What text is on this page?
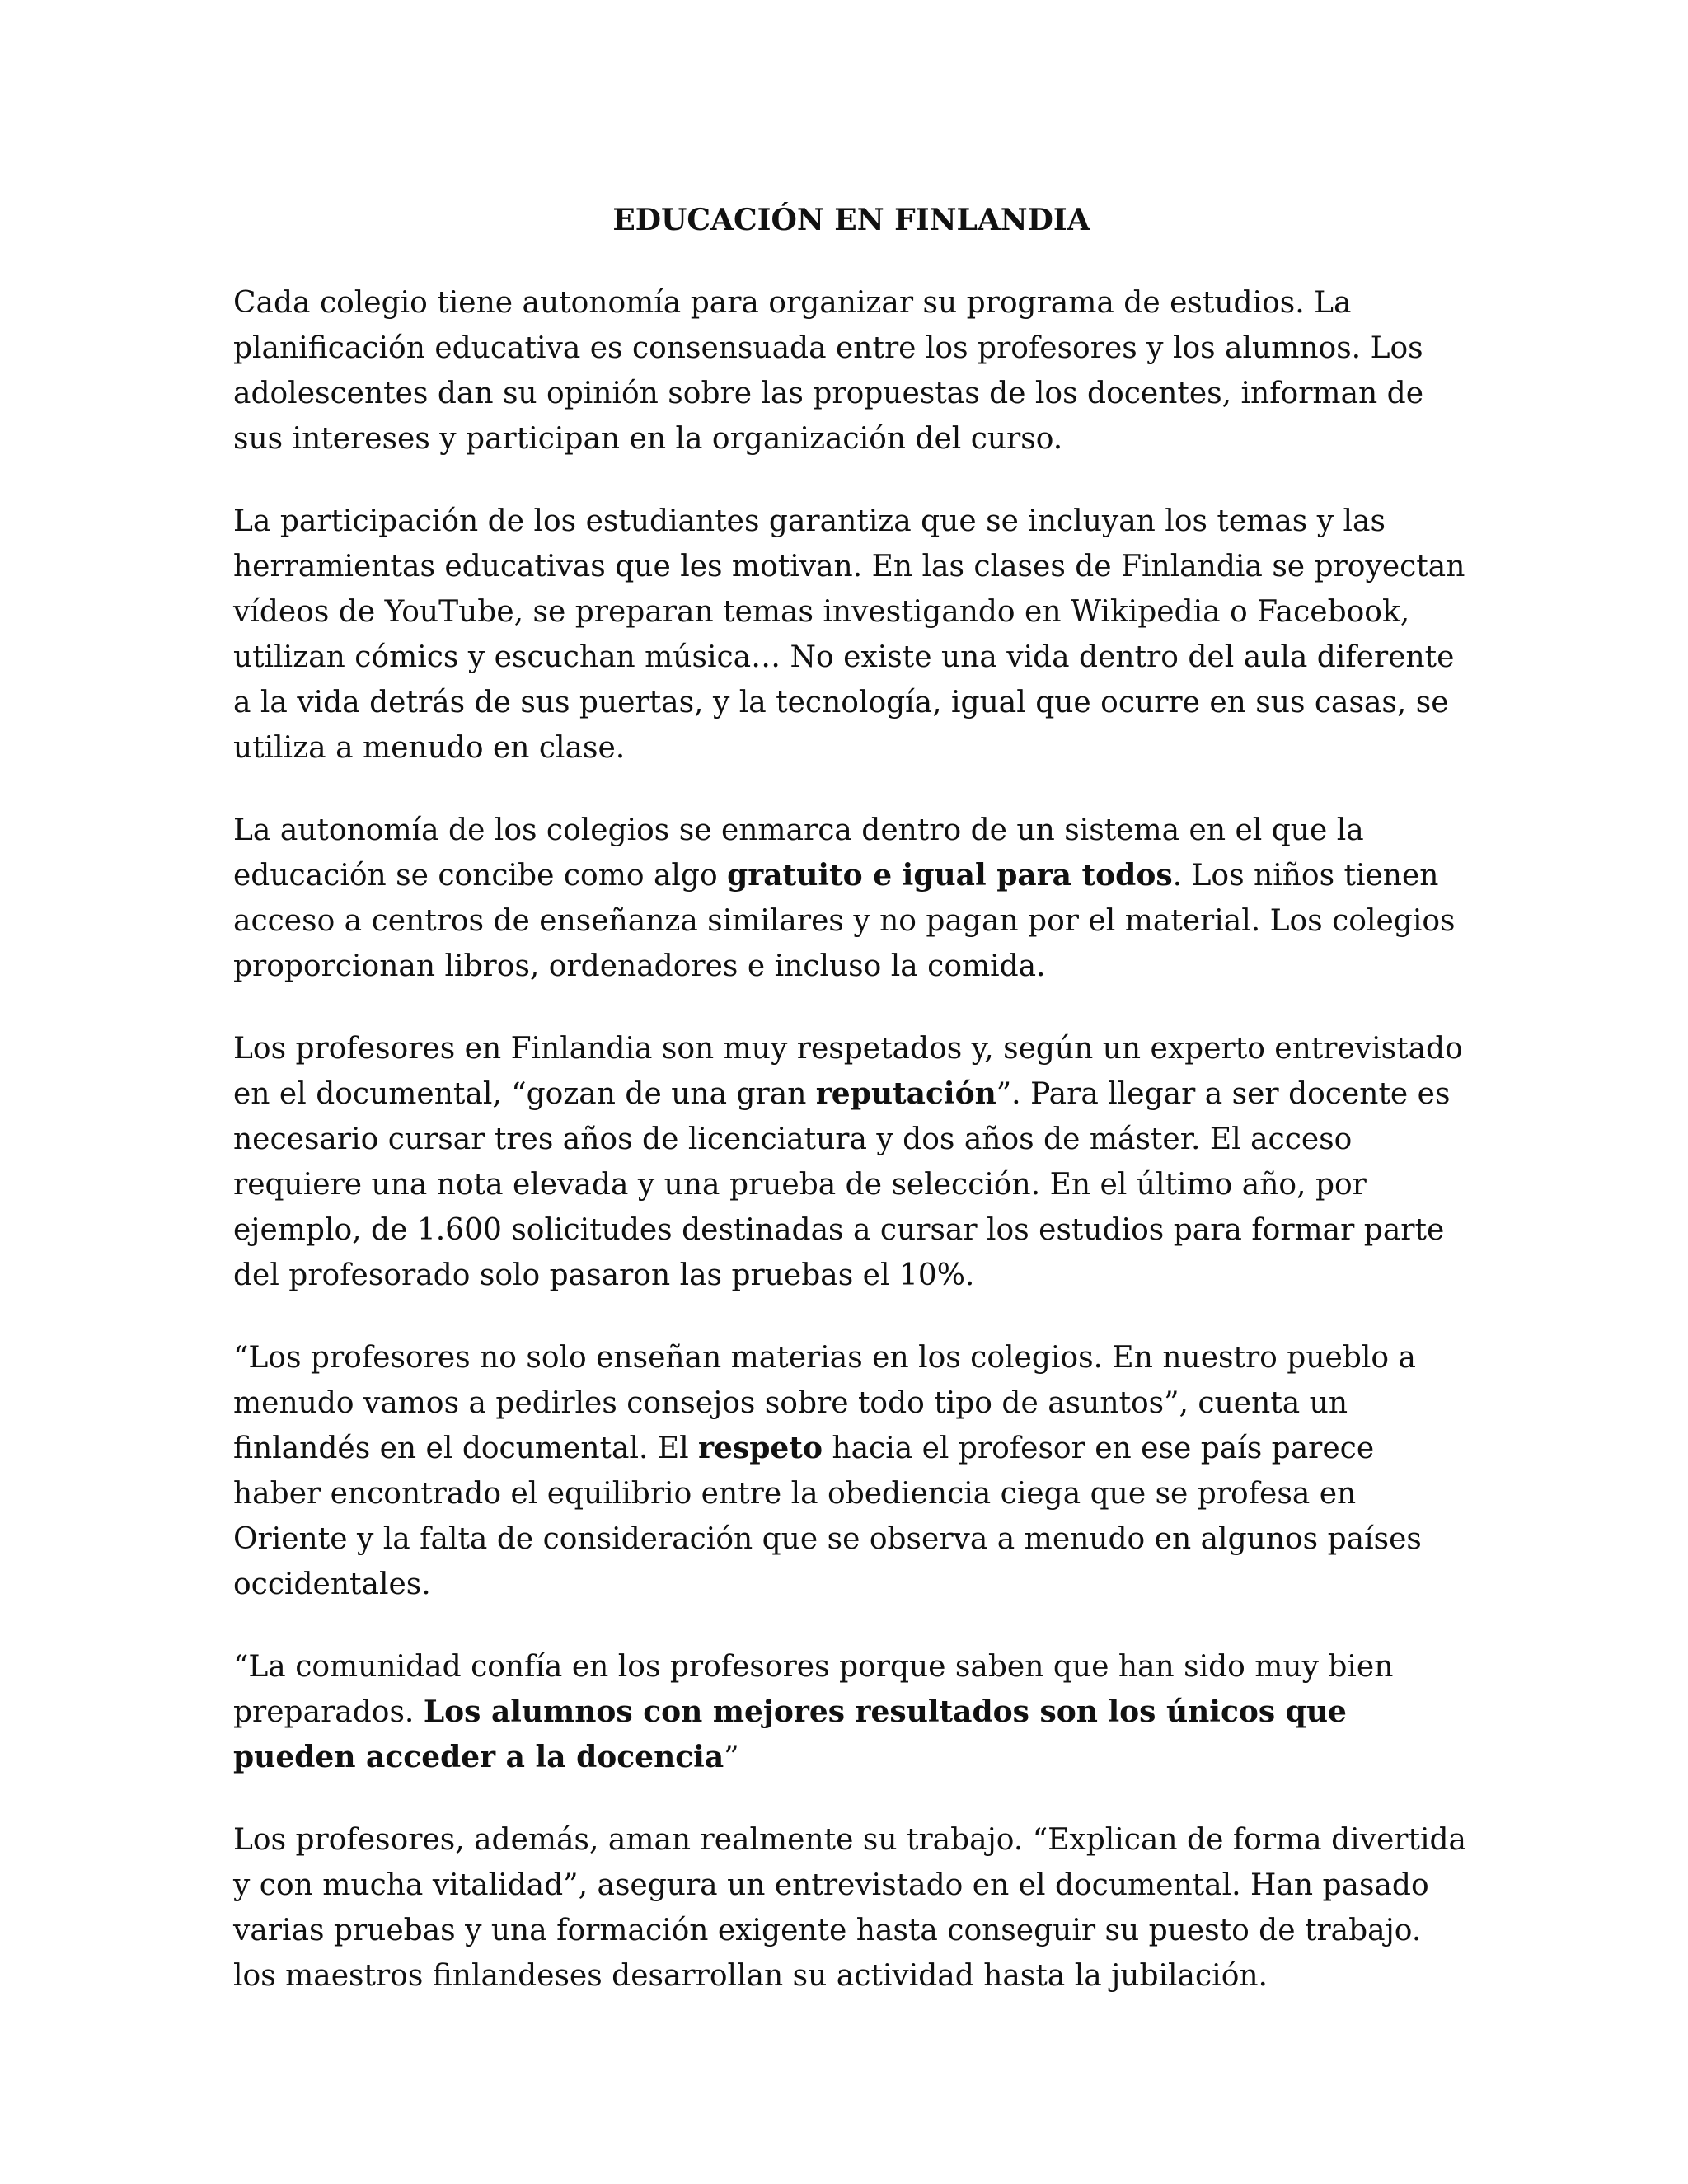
EDUCACIÓN EN FINLANDIA

Cada colegio tiene autonomía para organizar su programa de estudios. La planificación educativa es consensuada entre los profesores y los alumnos. Los adolescentes dan su opinión sobre las propuestas de los docentes, informan de sus intereses y participan en la organización del curso.

La participación de los estudiantes garantiza que se incluyan los temas y las herramientas educativas que les motivan. En las clases de Finlandia se proyectan vídeos de YouTube, se preparan temas investigando en Wikipedia o Facebook, utilizan cómics y escuchan música… No existe una vida dentro del aula diferente a la vida detrás de sus puertas, y la tecnología, igual que ocurre en sus casas, se utiliza a menudo en clase.

La autonomía de los colegios se enmarca dentro de un sistema en el que la educación se concibe como algo gratuito e igual para todos. Los niños tienen acceso a centros de enseñanza similares y no pagan por el material. Los colegios proporcionan libros, ordenadores e incluso la comida.

Los profesores en Finlandia son muy respetados y, según un experto entrevistado en el documental, “gozan de una gran reputación”. Para llegar a ser docente es necesario cursar tres años de licenciatura y dos años de máster. El acceso requiere una nota elevada y una prueba de selección. En el último año, por ejemplo, de 1.600 solicitudes destinadas a cursar los estudios para formar parte del profesorado solo pasaron las pruebas el 10%.

“Los profesores no solo enseñan materias en los colegios. En nuestro pueblo a menudo vamos a pedirles consejos sobre todo tipo de asuntos”, cuenta un finlandés en el documental. El respeto hacia el profesor en ese país parece haber encontrado el equilibrio entre la obediencia ciega que se profesa en Oriente y la falta de consideración que se observa a menudo en algunos países occidentales.

“La comunidad confía en los profesores porque saben que han sido muy bien preparados. Los alumnos con mejores resultados son los únicos que pueden acceder a la docencia”

Los profesores, además, aman realmente su trabajo. “Explican de forma divertida y con mucha vitalidad”, asegura un entrevistado en el documental. Han pasado varias pruebas y una formación exigente hasta conseguir su puesto de trabajo. los maestros finlandeses desarrollan su actividad hasta la jubilación.
